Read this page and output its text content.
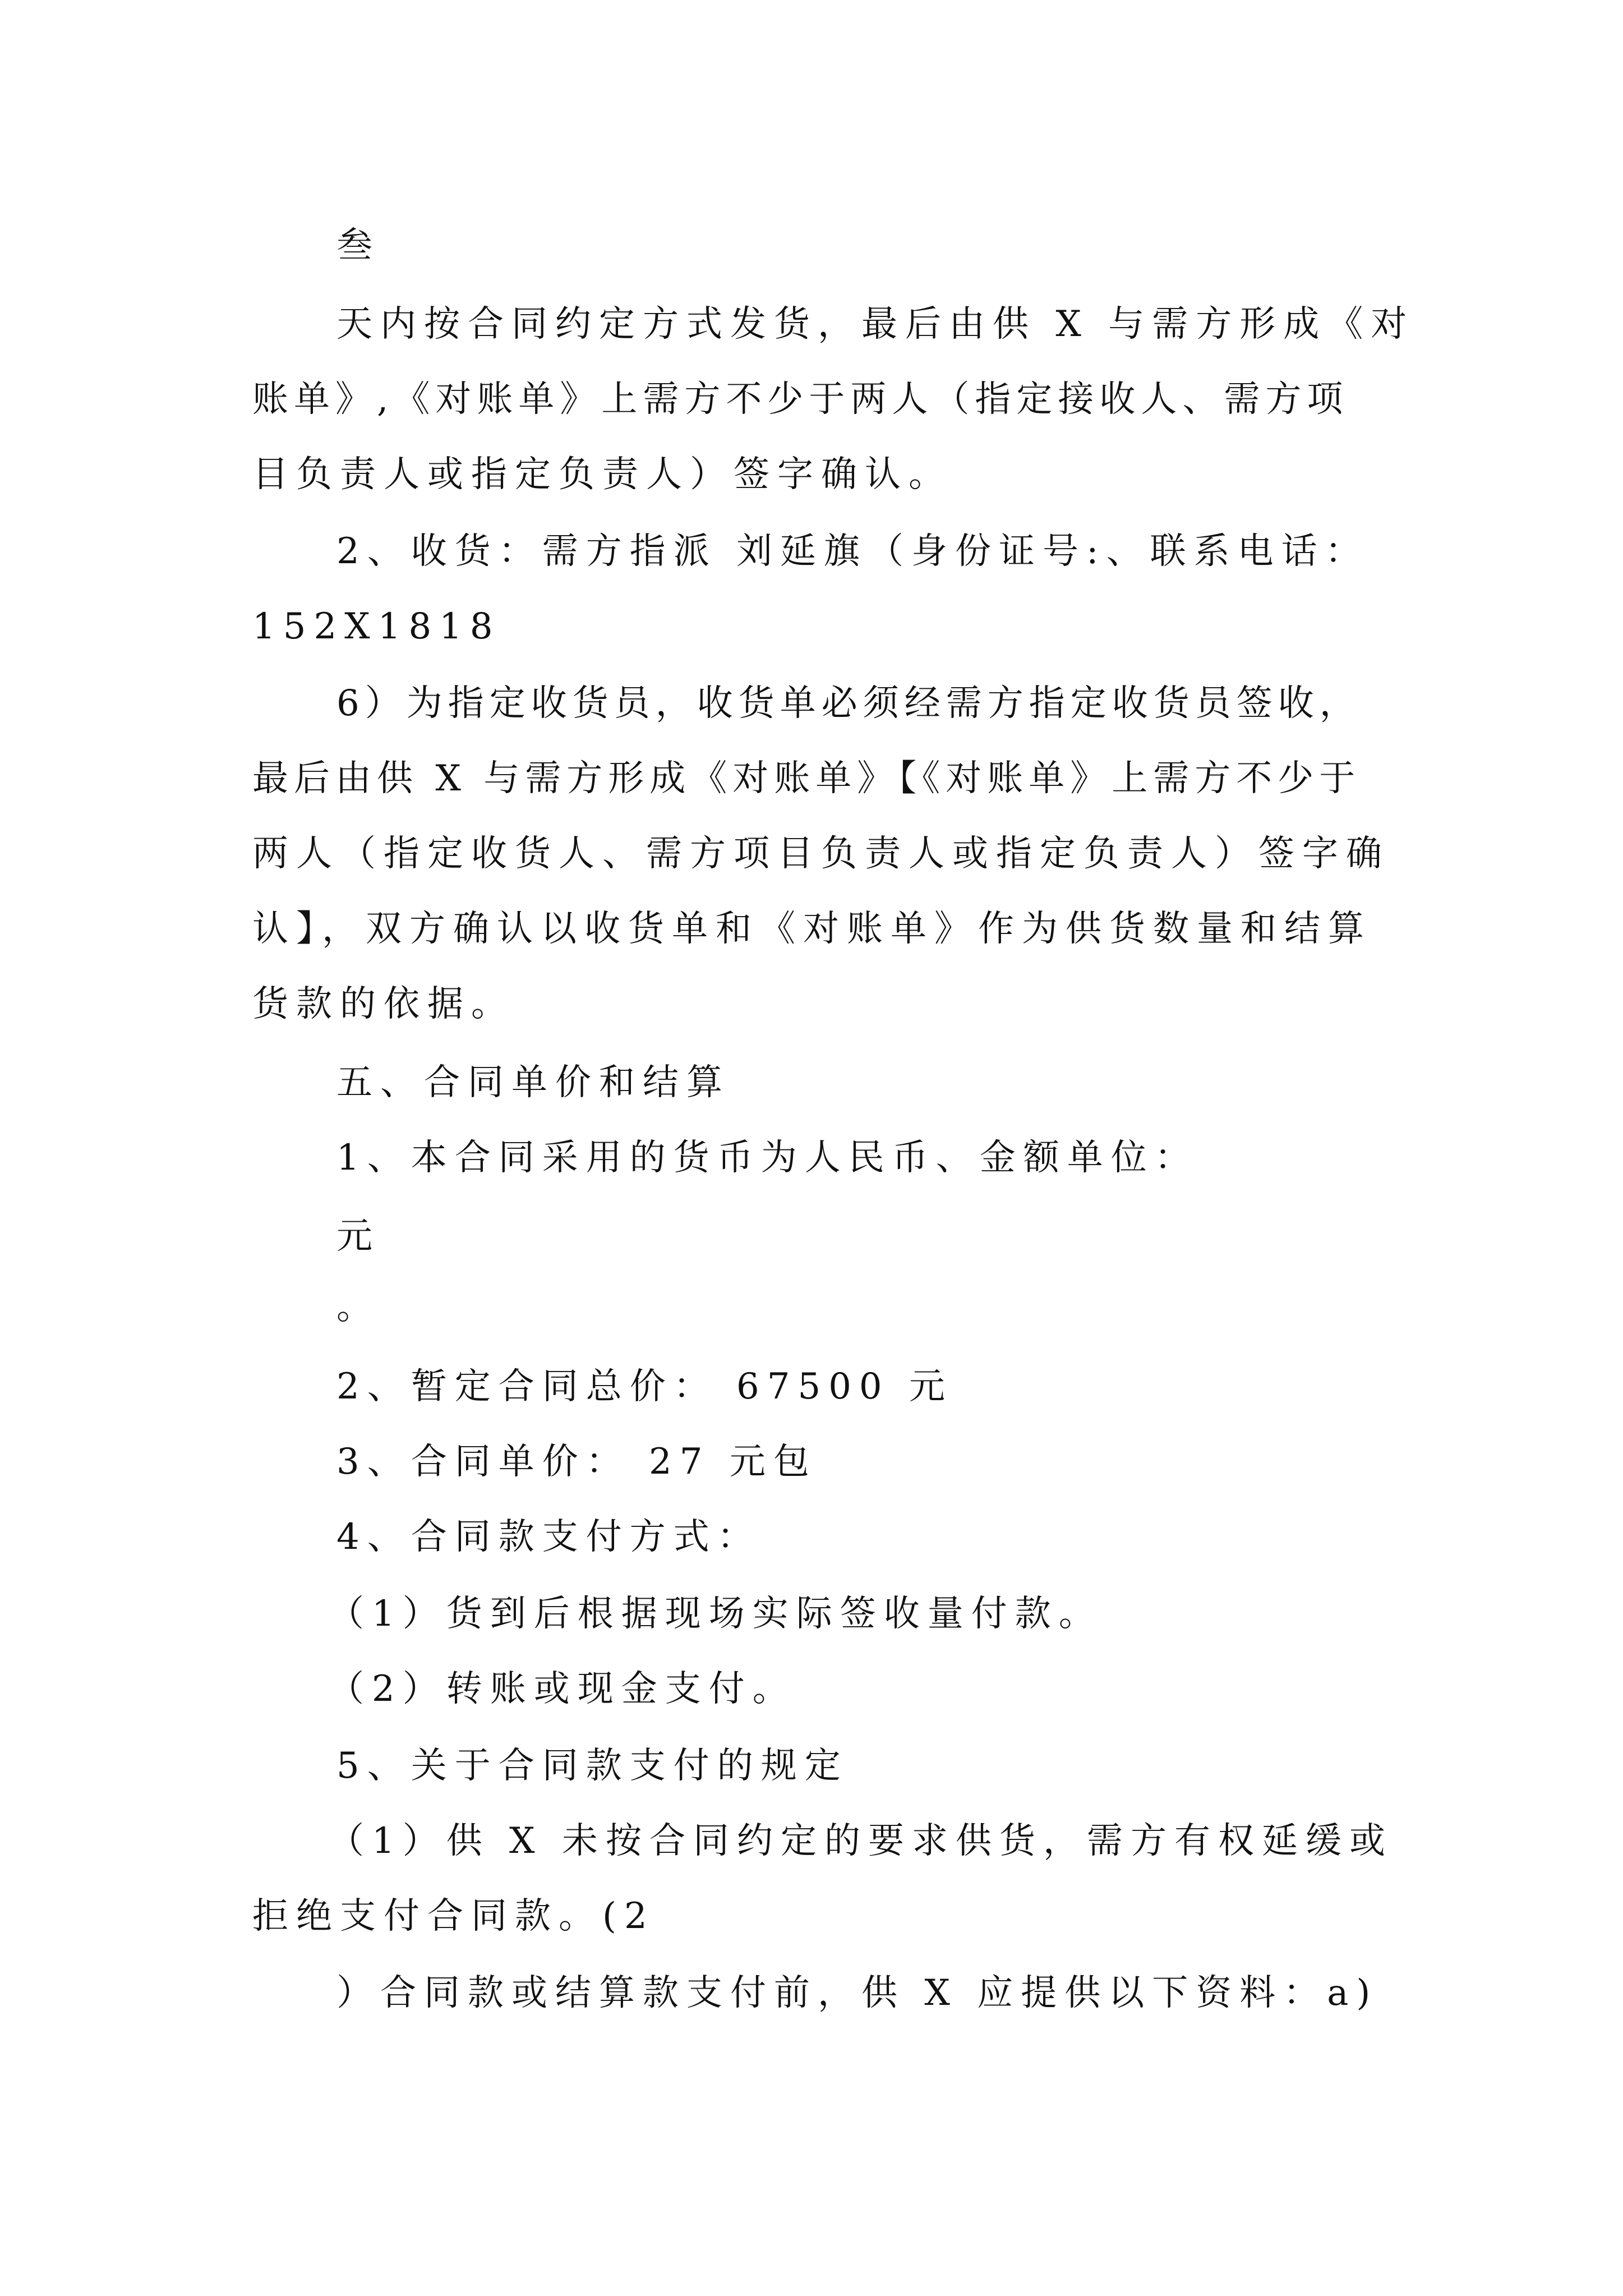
叁
天内按合同约定方式发货，最后由供 X 与需方形成《对
账单》,《对账单》上需方不少于两人（指定接收人、需方项
目负责人或指定负责人）签字确认。
2、收货：需方指派 刘延旗（身份证号:、联系电话：
152X1818
6）为指定收货员，收货单必须经需方指定收货员签收，
最后由供 X 与需方形成《对账单》【《对账单》上需方不少于
两人（指定收货人、需方项目负责人或指定负责人）签字确
认】，双方确认以收货单和《对账单》作为供货数量和结算
货款的依据。
五、合同单价和结算
1、本合同采用的货币为人民币、金额单位：
元
。
2、暂定合同总价： 67500 元
3、合同单价： 27 元包
4、合同款支付方式：
（1）货到后根据现场实际签收量付款。
（2）转账或现金支付。
5、关于合同款支付的规定
（1）供 X 未按合同约定的要求供货，需方有权延缓或
拒绝支付合同款。(2
）合同款或结算款支付前，供 X 应提供以下资料：a)
